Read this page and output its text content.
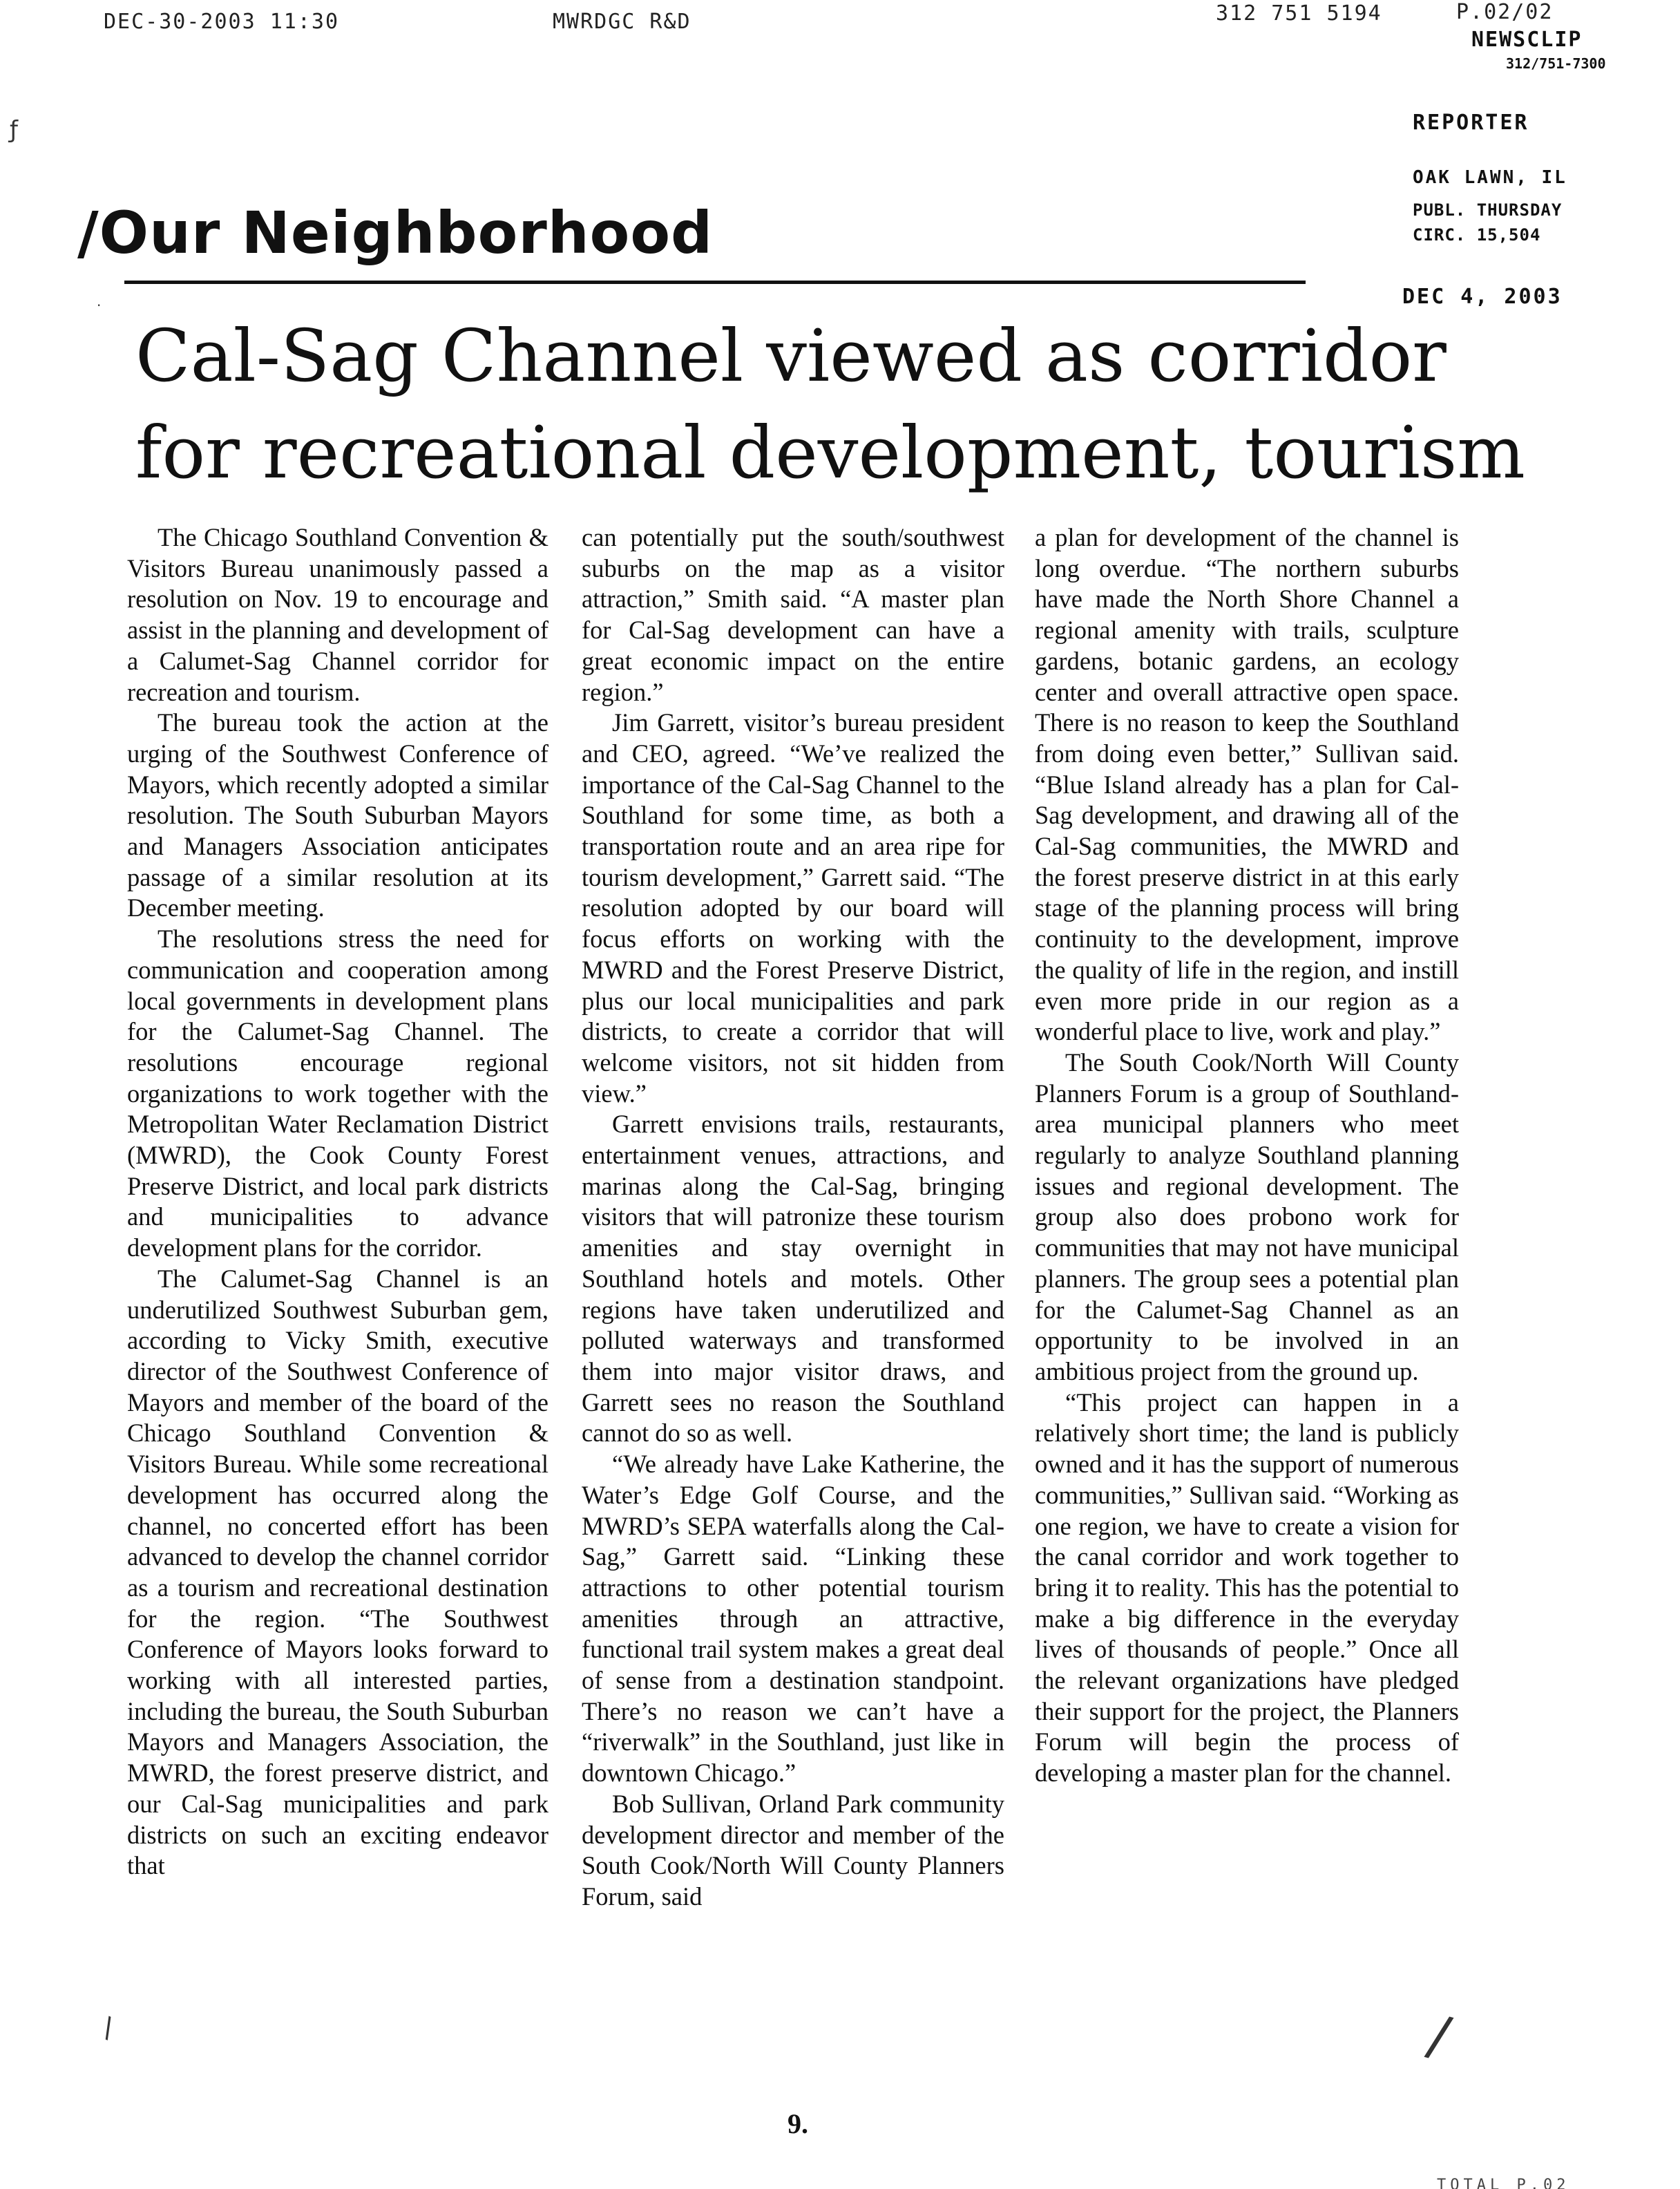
DEC-30-2003 11:30	MWRDGC R&D	312 751 5194	P.02/02
NEWSCLIP
312/751-7300
REPORTER
OAK LAWN, IL
PUBL. THURSDAY
CIRC. 15,504
DEC 4, 2003
ƒ
·
/Our Neighborhood
Cal-Sag Channel viewed as corridor
for recreational development, tourism

The Chicago Southland Convention & Visitors Bureau unanimously passed a resolution on Nov. 19 to encourage and assist in the planning and development of a Calumet-Sag Channel corridor for recreation and tourism.

The bureau took the action at the urging of the Southwest Conference of Mayors, which recently adopted a similar resolution. The South Suburban Mayors and Managers Association anticipates passage of a similar resolution at its December meeting.

The resolutions stress the need for communication and cooperation among local governments in development plans for the Calumet-Sag Channel. The resolutions encourage regional organizations to work together with the Metropolitan Water Reclamation District (MWRD), the Cook County Forest Preserve District, and local park districts and municipalities to advance development plans for the corridor.

The Calumet-Sag Channel is an underutilized Southwest Suburban gem, according to Vicky Smith, executive director of the Southwest Conference of Mayors and member of the board of the Chicago Southland Convention & Visitors Bureau. While some recreational development has occurred along the channel, no concerted effort has been advanced to develop the channel corridor as a tourism and recreational destination for the region. “The Southwest Conference of Mayors looks forward to working with all interested parties, including the bureau, the South Suburban Mayors and Managers Association, the MWRD, the forest preserve district, and our Cal-Sag municipalities and park districts on such an exciting endeavor that

can potentially put the south/southwest suburbs on the map as a visitor attraction,” Smith said. “A master plan for Cal-Sag development can have a great economic impact on the entire region.”

Jim Garrett, visitor’s bureau president and CEO, agreed. “We’ve realized the importance of the Cal-Sag Channel to the Southland for some time, as both a transportation route and an area ripe for tourism development,” Garrett said. “The resolution adopted by our board will focus efforts on working with the MWRD and the Forest Preserve District, plus our local municipalities and park districts, to create a corridor that will welcome visitors, not sit hidden from view.”

Garrett envisions trails, restaurants, entertainment venues, attractions, and marinas along the Cal-Sag, bringing visitors that will patronize these tourism amenities and stay overnight in Southland hotels and motels. Other regions have taken underutilized and polluted waterways and transformed them into major visitor draws, and Garrett sees no reason the Southland cannot do so as well.

“We already have Lake Katherine, the Water’s Edge Golf Course, and the MWRD’s SEPA waterfalls along the Cal-Sag,” Garrett said. “Linking these attractions to other potential tourism amenities through an attractive, functional trail system makes a great deal of sense from a destination standpoint. There’s no reason we can’t have a “riverwalk” in the Southland, just like in downtown Chicago.”

Bob Sullivan, Orland Park community development director and member of the South Cook/North Will County Planners Forum, said

a plan for development of the channel is long overdue. “The northern suburbs have made the North Shore Channel a regional amenity with trails, sculpture gardens, botanic gardens, an ecology center and overall attractive open space. There is no reason to keep the Southland from doing even better,” Sullivan said. “Blue Island already has a plan for Cal-Sag development, and drawing all of the Cal-Sag communities, the MWRD and the forest preserve district in at this early stage of the planning process will bring continuity to the development, improve the quality of life in the region, and instill even more pride in our region as a wonderful place to live, work and play.”

The South Cook/North Will County Planners Forum is a group of Southland-area municipal planners who meet regularly to analyze Southland planning issues and regional development. The group also does probono work for communities that may not have municipal planners. The group sees a potential plan for the Calumet-Sag Channel as an opportunity to be involved in an ambitious project from the ground up.

“This project can happen in a relatively short time; the land is publicly owned and it has the support of numerous communities,” Sullivan said. “Working as one region, we have to create a vision for the canal corridor and work together to bring it to reality. This has the potential to make a big difference in the everyday lives of thousands of people.” Once all the relevant organizations have pledged their support for the project, the Planners Forum will begin the process of developing a master plan for the channel.

9.
\	/
TOTAL P.02
